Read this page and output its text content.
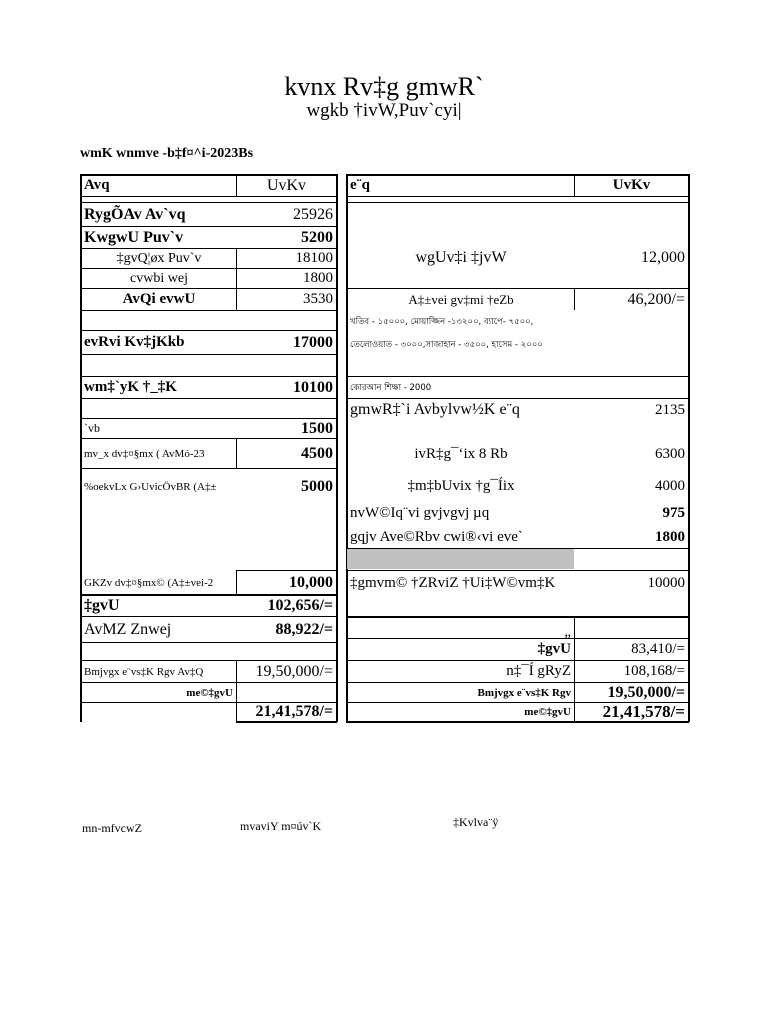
kvnx Rv‡g gmwR`
wgkb †ivW,Puv`cyi|
wmK wnmve -b‡f¤^i-2023Bs
Avq	UvKv
RygÕAv Av`vq	25926
KwgwU Puv`v	5200
‡gvQ¦øx Puv`v	18100
cvwbi wej	1800
AvQi evwU	3530
evRvi Kv‡jKkb	17000
wm‡`yK †_‡K	10100
`vb	1500
mv_x dv‡¤§mx ( AvMó-23	4500
%oekvLx G›UvicÖvBR (A‡±	5000
GKZv dv‡¤§mx© (A‡±vei-2	10,000
‡gvU	102,656/=
AvMZ Znwej	88,922/=
Bmjvgx e¨vs‡K Rgv Av‡Q	19,50,000/=
me©‡gvU
21,41,578/=
e¨q	UvKv
wgUv‡i ‡jvW	12,000
A‡±vei gv‡mi †eZb	46,200/=
খতিব - ১৫০০০, মোয়াজ্জিন -১৩২০০, ব্যাপে- ৭৫০০,
তেলোওয়াত - ৩০০০,সাজাহান - ৩৫০০, হাসেম - ২০০০
কোরআন শিক্ষা - 2000
gmwR‡`i Avbylvw½K e¨q	2135
ivR‡g¯‘ix 8 Rb	6300
‡m‡bUvix †g¯Íix	4000
nvW©Iq¨vi gvjvgvj µq	975
gqjv Ave©Rbv cwi®‹vi eve`	1800
‡gmvm© †ZRviZ †Ui‡W©vm‡K	10000
„
‡gvU	83,410/=
n‡¯Í gRyZ	108,168/=
Bmjvgx e¨vs‡K Rgv	19,50,000/=
me©‡gvU	21,41,578/=
mn-mfvcwZ	mvaviY m¤úv`K	‡Kvlva¨ÿ
